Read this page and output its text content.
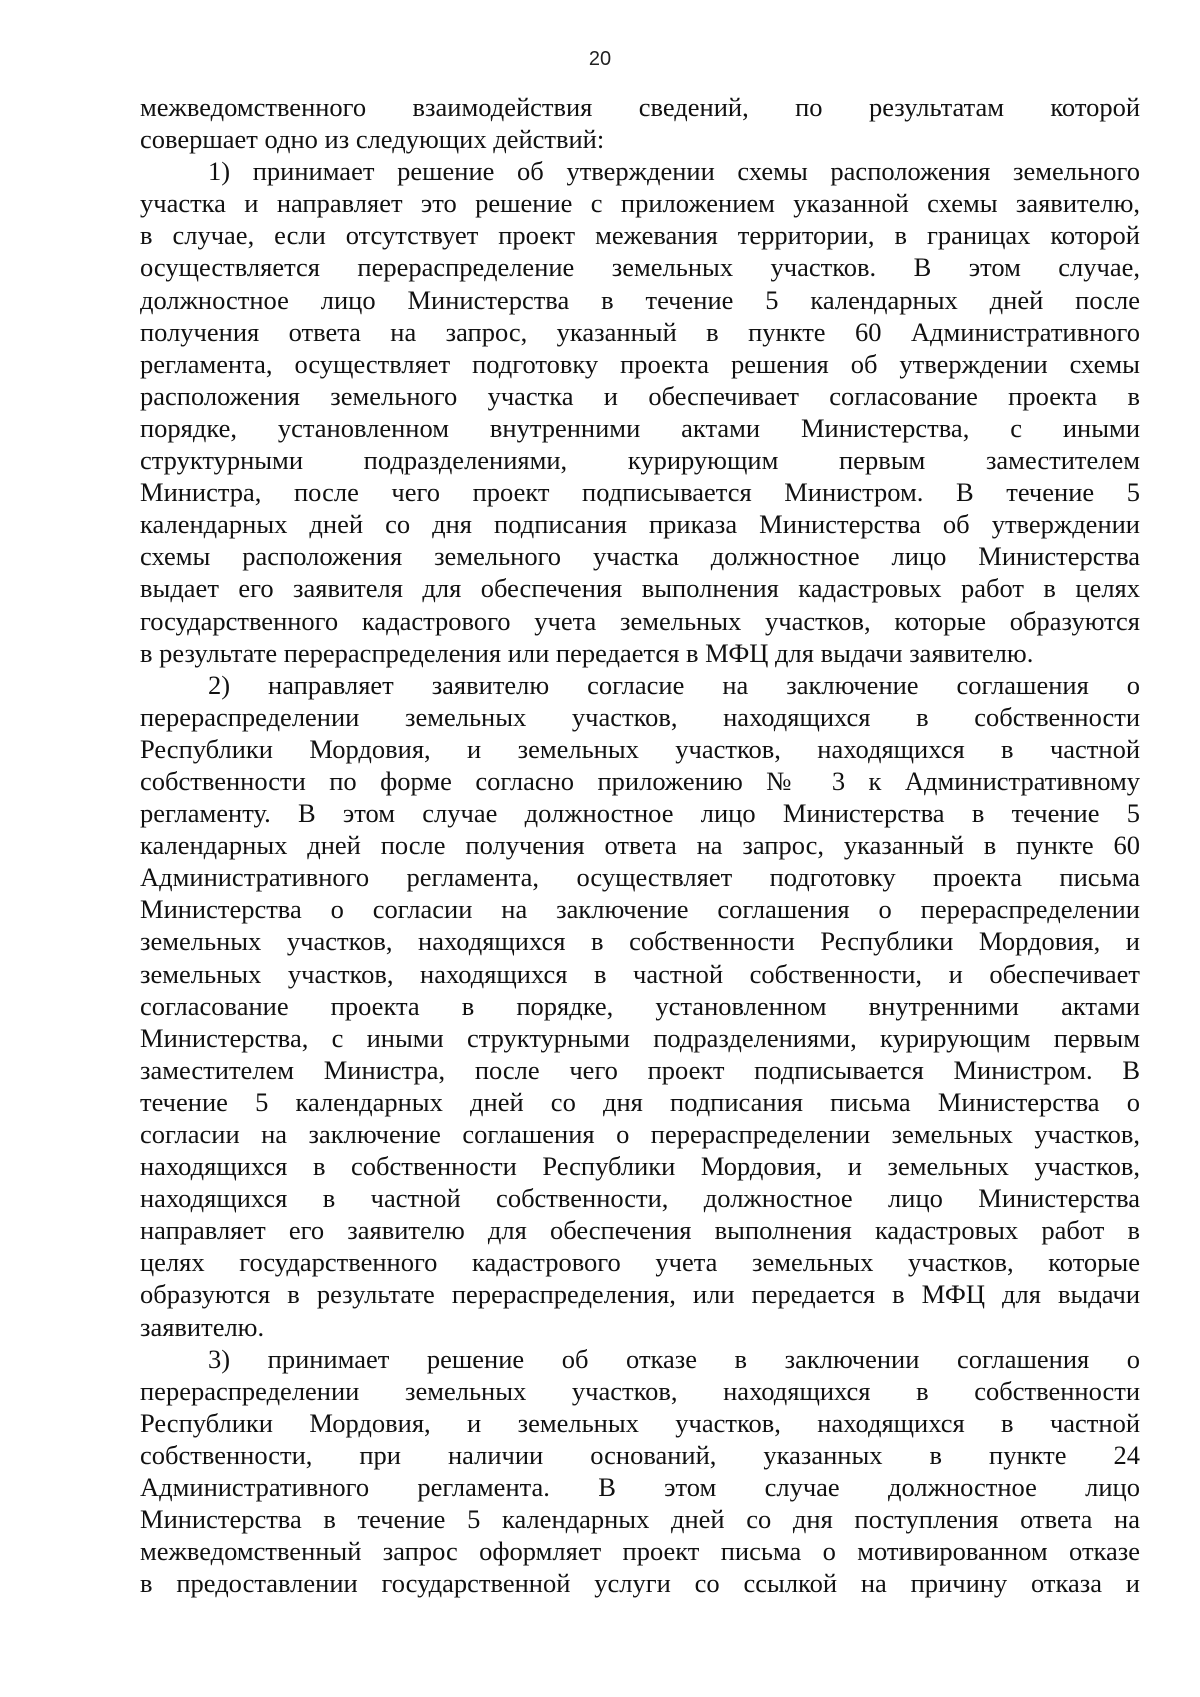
20
межведомственного взаимодействия сведений, по результатам которой
совершает одно из следующих действий:
1) принимает решение об утверждении схемы расположения земельного
участка и направляет это решение с приложением указанной схемы заявителю,
в случае, если отсутствует проект межевания территории, в границах которой
осуществляется перераспределение земельных участков. В этом случае,
должностное лицо Министерства в течение 5 календарных дней после
получения ответа на запрос, указанный в пункте 60 Административного
регламента, осуществляет подготовку проекта решения об утверждении схемы
расположения земельного участка и обеспечивает согласование проекта в
порядке, установленном внутренними актами Министерства, с иными
структурными подразделениями, курирующим первым заместителем
Министра, после чего проект подписывается Министром. В течение 5
календарных дней со дня подписания приказа Министерства об утверждении
схемы расположения земельного участка должностное лицо Министерства
выдает его заявителя для обеспечения выполнения кадастровых работ в целях
государственного кадастрового учета земельных участков, которые образуются
в результате перераспределения или передается в МФЦ для выдачи заявителю.
2) направляет заявителю согласие на заключение соглашения о
перераспределении земельных участков, находящихся в собственности
Республики Мордовия, и земельных участков, находящихся в частной
собственности по форме согласно приложению № 3 к Административному
регламенту. В этом случае должностное лицо Министерства в течение 5
календарных дней после получения ответа на запрос, указанный в пункте 60
Административного регламента, осуществляет подготовку проекта письма
Министерства о согласии на заключение соглашения о перераспределении
земельных участков, находящихся в собственности Республики Мордовия, и
земельных участков, находящихся в частной собственности, и обеспечивает
согласование проекта в порядке, установленном внутренними актами
Министерства, с иными структурными подразделениями, курирующим первым
заместителем Министра, после чего проект подписывается Министром. В
течение 5 календарных дней со дня подписания письма Министерства о
согласии на заключение соглашения о перераспределении земельных участков,
находящихся в собственности Республики Мордовия, и земельных участков,
находящихся в частной собственности, должностное лицо Министерства
направляет его заявителю для обеспечения выполнения кадастровых работ в
целях государственного кадастрового учета земельных участков, которые
образуются в результате перераспределения, или передается в МФЦ для выдачи
заявителю.
3) принимает решение об отказе в заключении соглашения о
перераспределении земельных участков, находящихся в собственности
Республики Мордовия, и земельных участков, находящихся в частной
собственности, при наличии оснований, указанных в пункте 24
Административного регламента. В этом случае должностное лицо
Министерства в течение 5 календарных дней со дня поступления ответа на
межведомственный запрос оформляет проект письма о мотивированном отказе
в предоставлении государственной услуги со ссылкой на причину отказа и
